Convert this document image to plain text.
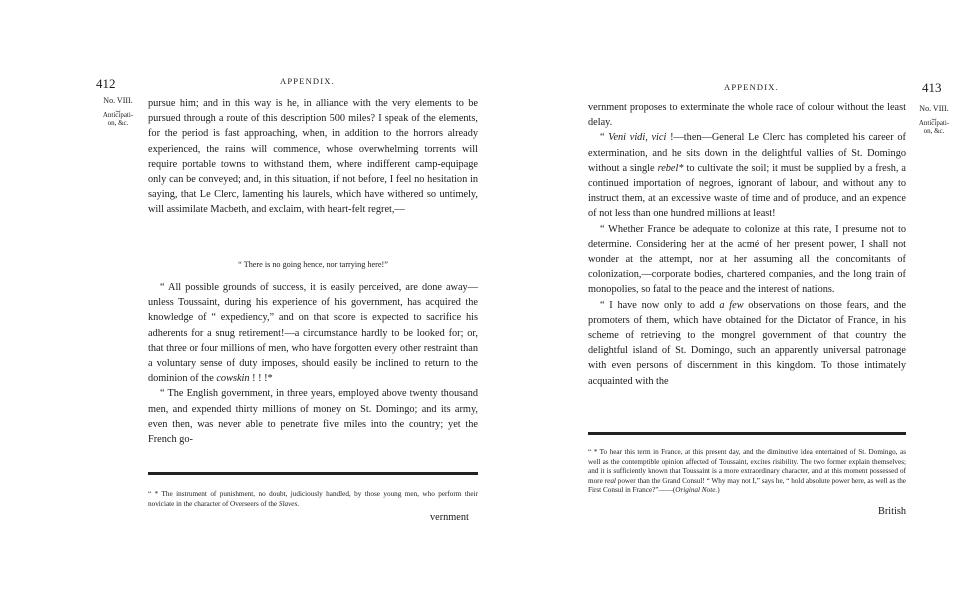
412	APPENDIX.
No. VIII.
⏟
Anticipati-
on, &c.

pursue him; and in this way is he, in alliance with the very elements to be pursued through a route of this description 500 miles? I speak of the elements, for the period is fast approaching, when, in addition to the horrors already experienced, the rains will commence, whose overwhelming torrents will require portable towns to withstand them, where indifferent camp-equipage only can be conveyed; and, in this situation, if not before, I feel no hesitation in saying, that Le Clerc, lamenting his laurels, which have withered so untimely, will assimilate Macbeth, and exclaim, with heart-felt regret,—

“ There is no going hence, nor tarrying here!”

“ All possible grounds of success, it is easily perceived, are done away—unless Toussaint, during his experience of his government, has acquired the knowledge of “ expediency,” and on that score is expected to sacrifice his adherents for a snug retirement!—a circumstance hardly to be looked for; or, that three or four millions of men, who have forgotten every other restraint than a voluntary sense of duty imposes, should easily be inclined to return to the dominion of the cowskin ! ! !*

“ The English government, in three years, employed above twenty thousand men, and expended thirty millions of money on St. Domingo; and its army, even then, was never able to penetrate five miles into the country; yet the French go-

“ * The instrument of punishment, no doubt, judiciously handled, by those young men, who perform their noviciate in the character of Overseers of the Slaves.
vernment
APPENDIX.	413
No. VIII.
⏟
Anticipati-
on, &c.

vernment proposes to exterminate the whole race of colour without the least delay.

“ Veni vidi, vici !—then—General Le Clerc has completed his career of extermination, and he sits down in the delightful vallies of St. Domingo without a single rebel* to cultivate the soil; it must be supplied by a fresh, a continued importation of negroes, ignorant of labour, and without any to instruct them, at an excessive waste of time and of produce, and an expence of not less than one hundred millions at least!

“ Whether France be adequate to colonize at this rate, I presume not to determine. Considering her at the acmé of her present power, I shall not wonder at the attempt, nor at her assuming all the concomitants of colonization,—corporate bodies, chartered companies, and the long train of monopolies, so fatal to the peace and the interest of nations.

“ I have now only to add a few observations on those fears, and the promoters of them, which have obtained for the Dictator of France, in his scheme of retrieving to the mongrel government of that country the delightful island of St. Domingo, such an apparently universal patronage with even persons of discernment in this kingdom. To those intimately acquainted with the

“ * To hear this term in France, at this present day, and the diminutive idea entertained of St. Domingo, as well as the contemptible opinion affected of Toussaint, excites risibility. The two former explain themselves; and it is sufficiently known that Toussaint is a more extraordinary character, and at this moment possessed of more real power than the Grand Consul! “ Why may not I,” says he, “ hold absolute power here, as well as the First Consul in France?”——(Original Note.)
British
